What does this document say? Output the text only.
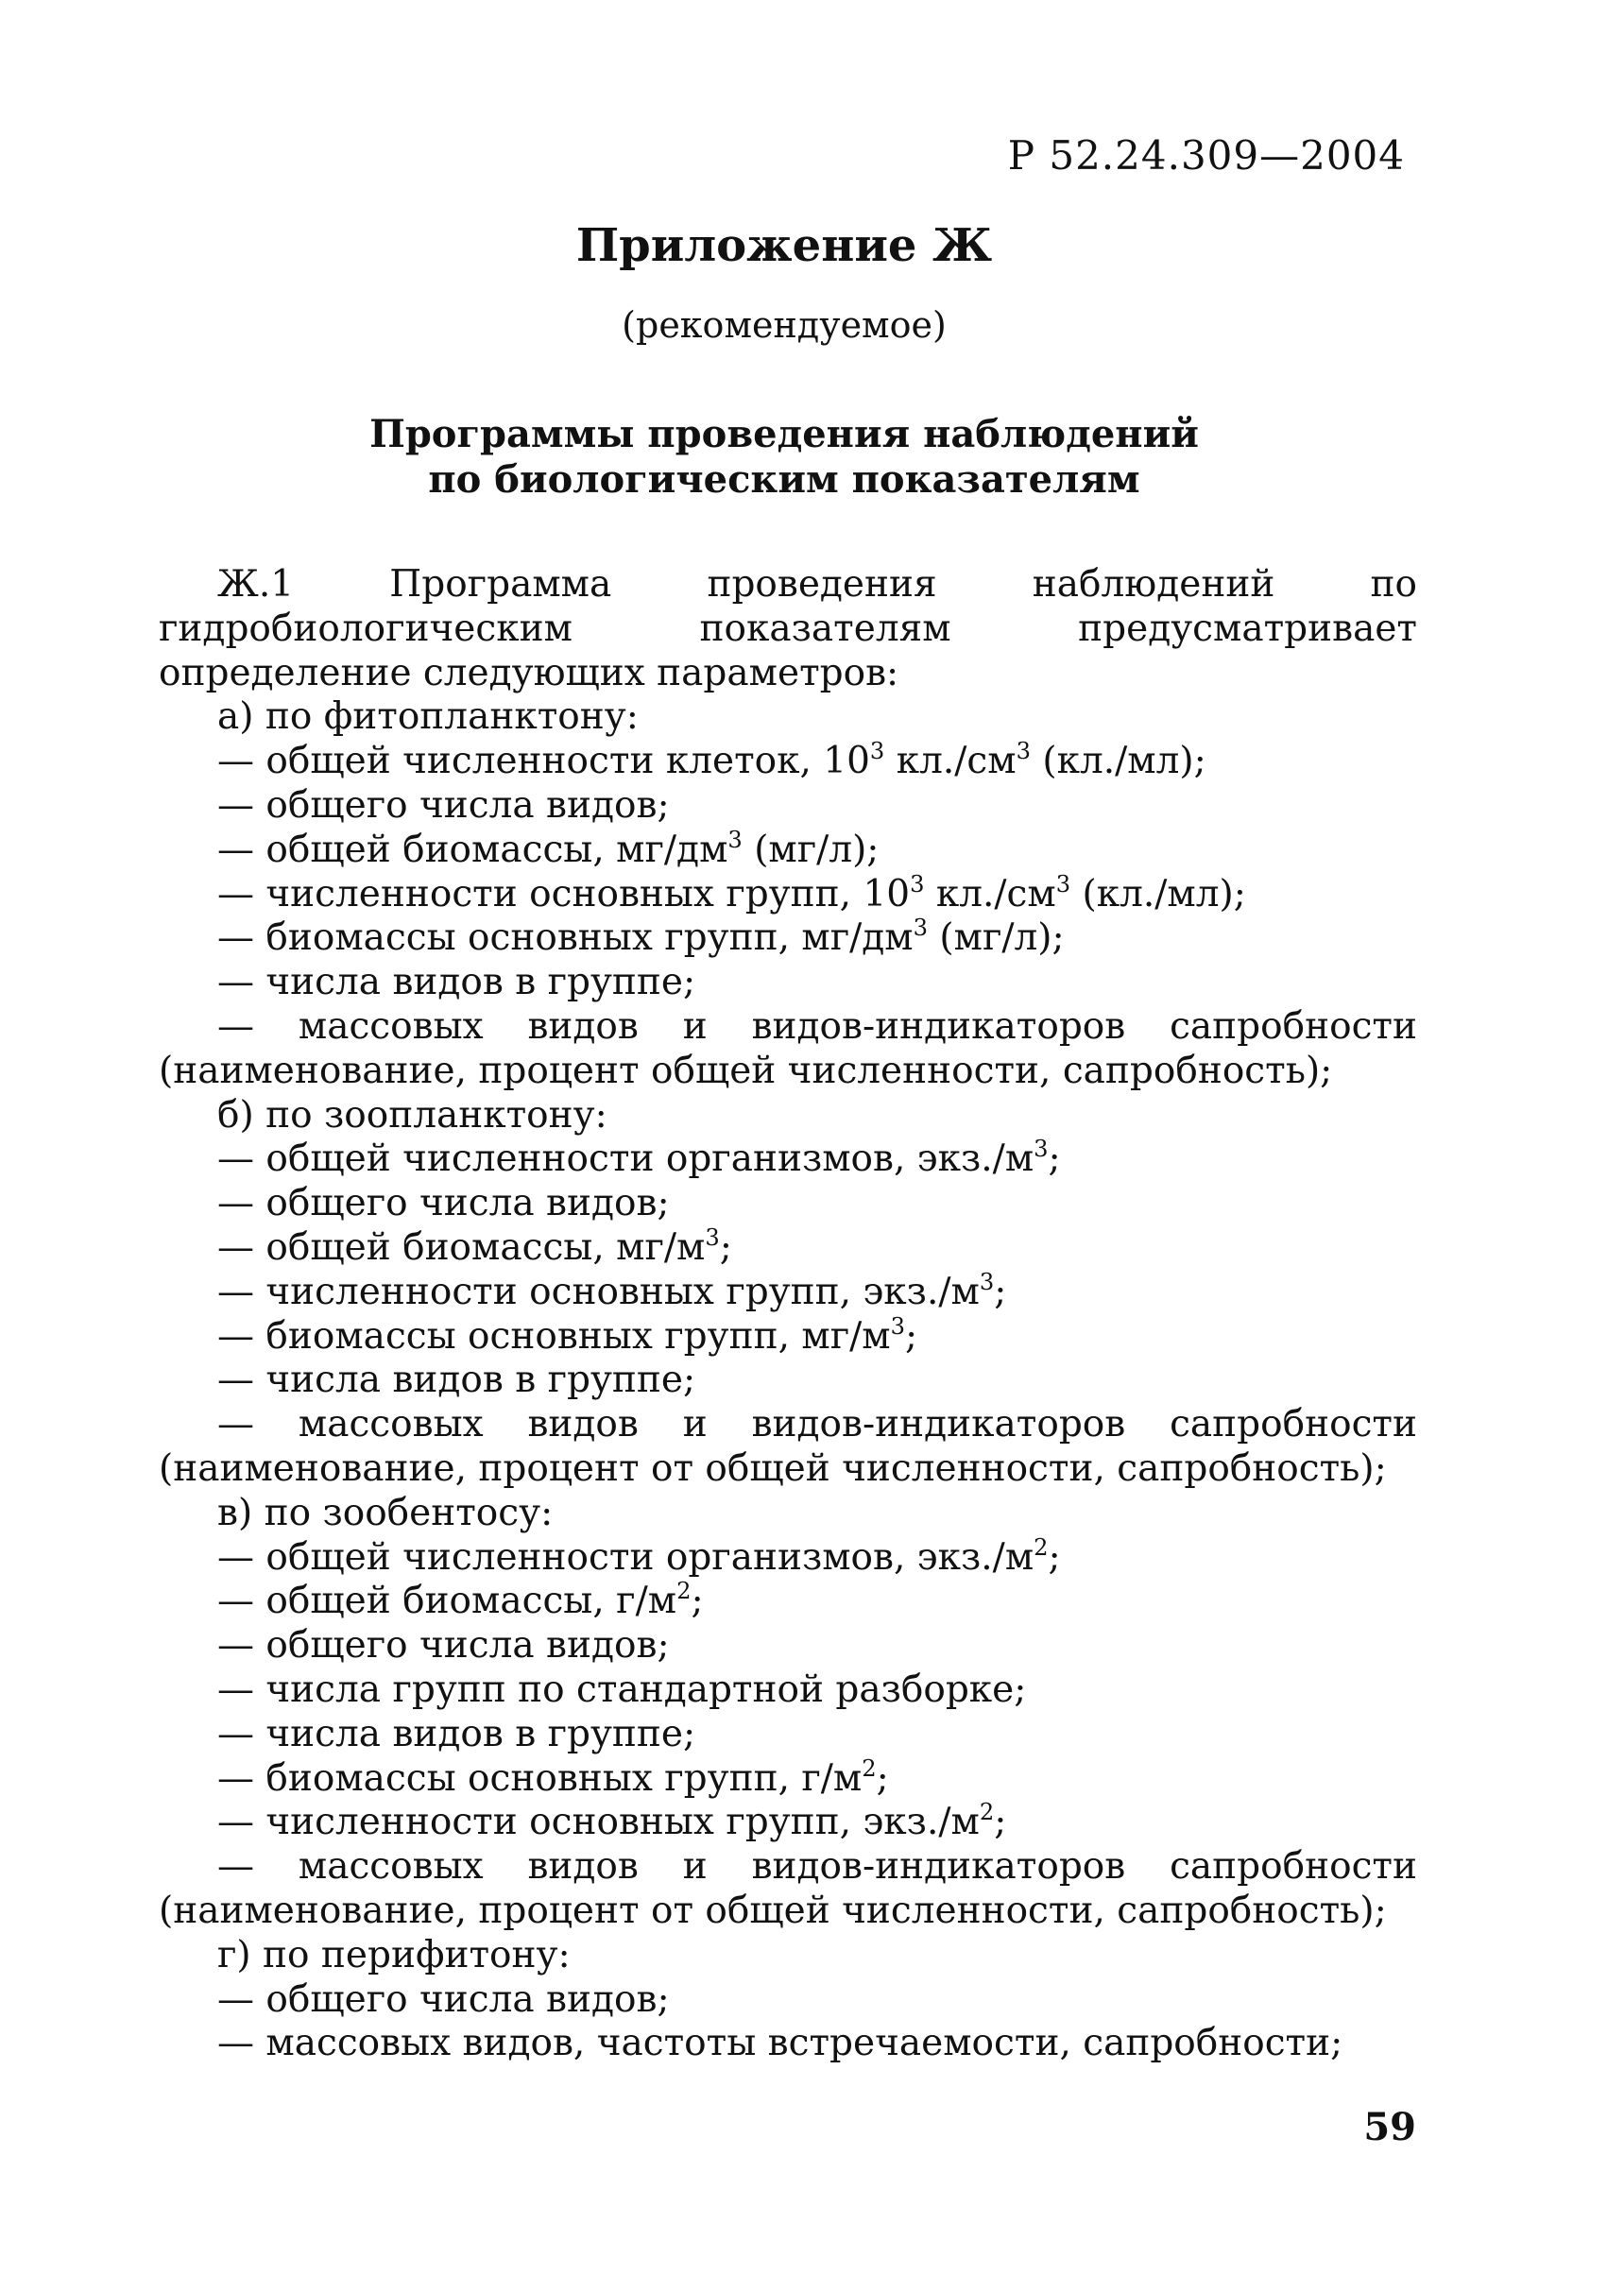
Р 52.24.309—2004
Приложение Ж
(рекомендуемое)
Программы проведения наблюдений
по биологическим показателям

Ж.1 Программа проведения наблюдений по гидробиологическим показателям предусматривает определение следующих параметров:

а) по фитопланктону:

— общей численности клеток, $10^3$ $кл./см^3$ (кл./мл);

— общего числа видов;

— общей биомассы, $мг/дм^3$ (мг/л);

— численности основных групп, $10^3$ $кл./см^3$ (кл./мл);

— биомассы основных групп, $мг/дм^3$ (мг/л);

— числа видов в группе;

— массовых видов и видов-индикаторов сапробности (наименование, процент общей численности, сапробность);

б) по зоопланктону:

— общей численности организмов, $экз./м^3$;

— общего числа видов;

— общей биомассы, $мг/м^3$;

— численности основных групп, $экз./м^3$;

— биомассы основных групп, $мг/м^3$;

— числа видов в группе;

— массовых видов и видов-индикаторов сапробности (наименование, процент от общей численности, сапробность);

в) по зообентосу:

— общей численности организмов, $экз./м^2$;

— общей биомассы, $г/м^2$;

— общего числа видов;

— числа групп по стандартной разборке;

— числа видов в группе;

— биомассы основных групп, $г/м^2$;

— численности основных групп, $экз./м^2$;

— массовых видов и видов-индикаторов сапробности (наименование, процент от общей численности, сапробность);

г) по перифитону:

— общего числа видов;

— массовых видов, частоты встречаемости, сапробности;

59
